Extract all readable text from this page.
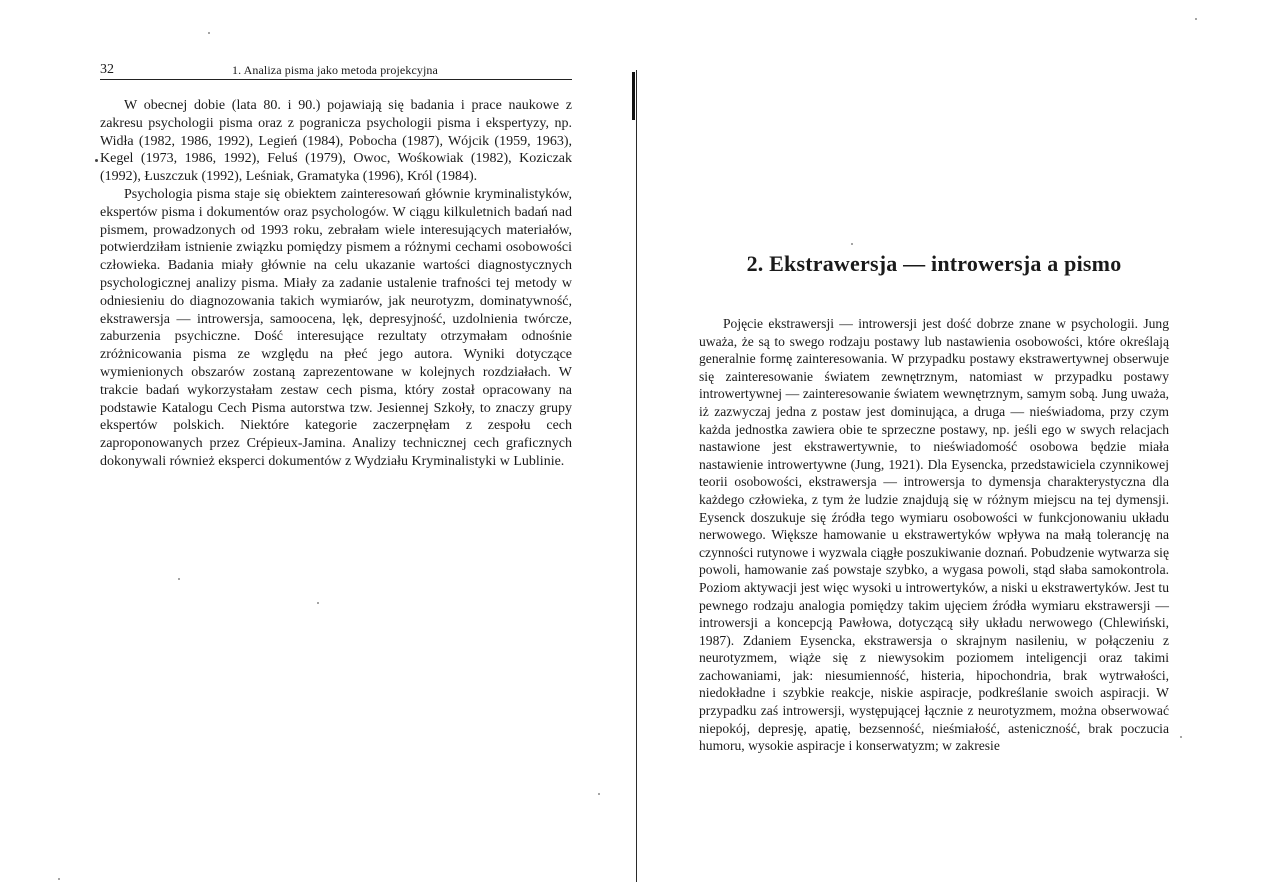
32	1. Analiza pisma jako metoda projekcyjna

W obecnej dobie (lata 80. i 90.) pojawiają się badania i prace naukowe z zakresu psychologii pisma oraz z pogranicza psychologii pisma i ekspertyzy, np. Widła (1982, 1986, 1992), Legień (1984), Pobocha (1987), Wójcik (1959, 1963), Kegel (1973, 1986, 1992), Feluś (1979), Owoc, Wośkowiak (1982), Koziczak (1992), Łuszczuk (1992), Leśniak, Gramatyka (1996), Król (1984).

Psychologia pisma staje się obiektem zainteresowań głównie kryminalistyków, ekspertów pisma i dokumentów oraz psychologów. W ciągu kilkuletnich badań nad pismem, prowadzonych od 1993 roku, zebrałam wiele interesujących materiałów, potwierdziłam istnienie związku pomiędzy pismem a różnymi cechami osobowości człowieka. Badania miały głównie na celu ukazanie wartości diagnostycznych psychologicznej analizy pisma. Miały za zadanie ustalenie trafności tej metody w odniesieniu do diagnozowania takich wymiarów, jak neurotyzm, dominatywność, ekstrawersja — introwersja, samoocena, lęk, depresyjność, uzdolnienia twórcze, zaburzenia psychiczne. Dość interesujące rezultaty otrzymałam odnośnie zróżnicowania pisma ze względu na płeć jego autora. Wyniki dotyczące wymienionych obszarów zostaną zaprezentowane w kolejnych rozdziałach. W trakcie badań wykorzystałam zestaw cech pisma, który został opracowany na podstawie Katalogu Cech Pisma autorstwa tzw. Jesiennej Szkoły, to znaczy grupy ekspertów polskich. Niektóre kategorie zaczerpnęłam z zespołu cech zaproponowanych przez Crépieux-Jamina. Analizy technicznej cech graficznych dokonywali również eksperci dokumentów z Wydziału Kryminalistyki w Lublinie.

2. Ekstrawersja — introwersja a pismo

Pojęcie ekstrawersji — introwersji jest dość dobrze znane w psychologii. Jung uważa, że są to swego rodzaju postawy lub nastawienia osobowości, które określają generalnie formę zainteresowania. W przypadku postawy ekstrawertywnej obserwuje się zainteresowanie światem zewnętrznym, natomiast w przypadku postawy introwertywnej — zainteresowanie światem wewnętrznym, samym sobą. Jung uważa, iż zazwyczaj jedna z postaw jest dominująca, a druga — nieświadoma, przy czym każda jednostka zawiera obie te sprzeczne postawy, np. jeśli ego w swych relacjach nastawione jest ekstrawertywnie, to nieświadomość osobowa będzie miała nastawienie introwertywne (Jung, 1921). Dla Eysencka, przedstawiciela czynnikowej teorii osobowości, ekstrawersja — introwersja to dymensja charakterystyczna dla każdego człowieka, z tym że ludzie znajdują się w różnym miejscu na tej dymensji. Eysenck doszukuje się źródła tego wymiaru osobowości w funkcjonowaniu układu nerwowego. Większe hamowanie u ekstrawertyków wpływa na małą tolerancję na czynności rutynowe i wyzwala ciągłe poszukiwanie doznań. Pobudzenie wytwarza się powoli, hamowanie zaś powstaje szybko, a wygasa powoli, stąd słaba samokontrola. Poziom aktywacji jest więc wysoki u introwertyków, a niski u ekstrawertyków. Jest tu pewnego rodzaju analogia pomiędzy takim ujęciem źródła wymiaru ekstrawersji — introwersji a koncepcją Pawłowa, dotyczącą siły układu nerwowego (Chlewiński, 1987). Zdaniem Eysencka, ekstrawersja o skrajnym nasileniu, w połączeniu z neurotyzmem, wiąże się z niewysokim poziomem inteligencji oraz takimi zachowaniami, jak: niesumienność, histeria, hipochondria, brak wytrwałości, niedokładne i szybkie reakcje, niskie aspiracje, podkreślanie swoich aspiracji. W przypadku zaś introwersji, występującej łącznie z neurotyzmem, można obserwować niepokój, depresję, apatię, bezsenność, nieśmiałość, asteniczność, brak poczucia humoru, wysokie aspiracje i konserwatyzm; w zakresie
